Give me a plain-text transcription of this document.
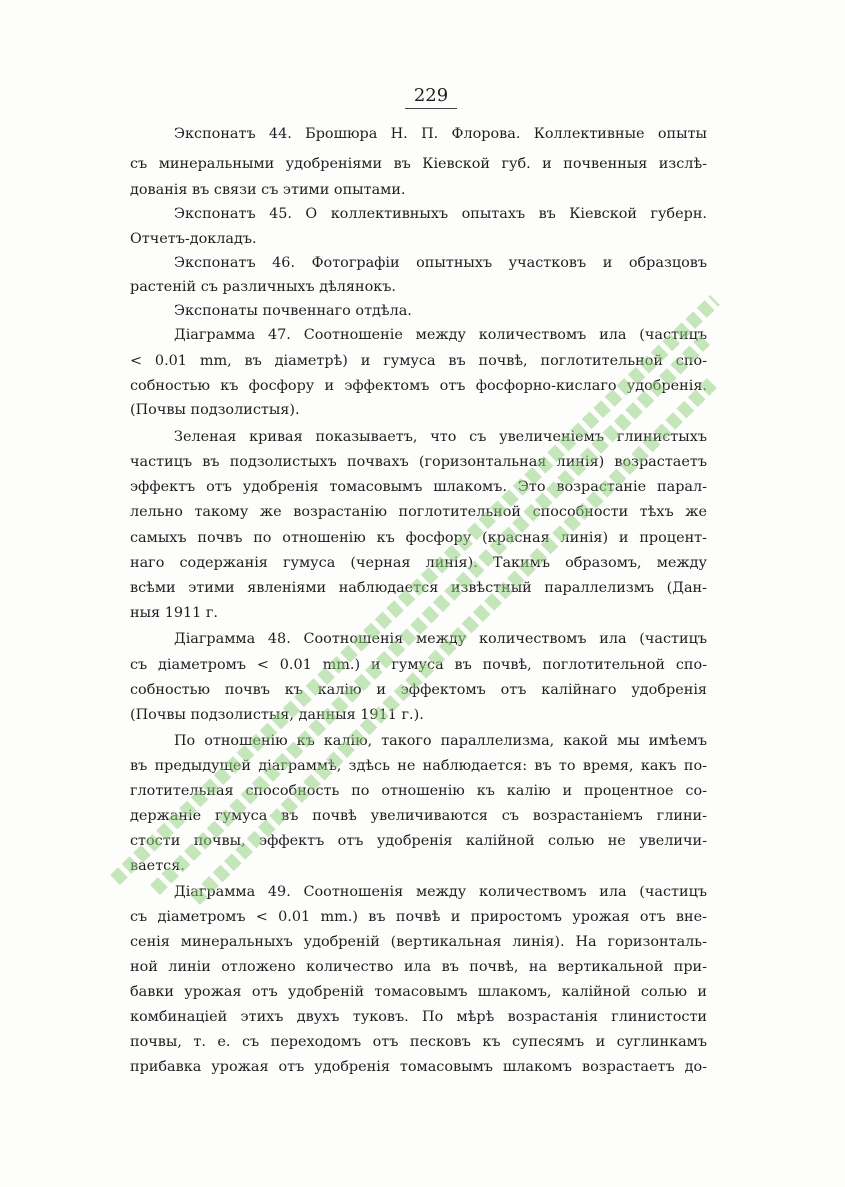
229
Экспонатъ 44. Брошюра Н. П. Флорова. Коллективные опыты
съ минеральными удобреніями въ Кіевской губ. и почвенныя изслѣ-
дованія въ связи съ этими опытами.
Экспонатъ 45. О коллективныхъ опытахъ въ Кіевской губерн.
Отчетъ-докладъ.
Экспонатъ 46. Фотографіи опытныхъ участковъ и образцовъ
растеній съ различныхъ дѣлянокъ.
Экспонаты почвеннаго отдѣла.
Діаграмма 47. Соотношеніе между количествомъ ила (частицъ
< 0.01 mm, въ діаметрѣ) и гумуса въ почвѣ, поглотительной спо-
собностью къ фосфору и эффектомъ отъ фосфорно-кислаго удобренія.
(Почвы подзолистыя).
Зеленая кривая показываетъ, что съ увеличеніемъ глинистыхъ
частицъ въ подзолистыхъ почвахъ (горизонтальная линія) возрастаетъ
эффектъ отъ удобренія томасовымъ шлакомъ. Это возрастаніе парал-
лельно такому же возрастанію поглотительной способности тѣхъ же
самыхъ почвъ по отношенію къ фосфору (красная линія) и процент-
наго содержанія гумуса (черная линія). Такимъ образомъ, между
всѣми этими явленіями наблюдается извѣстный параллелизмъ (Дан-
ныя 1911 г.
Діаграмма 48. Соотношенія между количествомъ ила (частицъ
съ діаметромъ < 0.01 mm.) и гумуса въ почвѣ, поглотительной спо-
собностью почвъ къ калію и эффектомъ отъ калійнаго удобренія
(Почвы подзолистыя, данныя 1911 г.).
По отношенію къ калію, такого параллелизма, какой мы имѣемъ
въ предыдущей діаграммѣ, здѣсь не наблюдается: въ то время, какъ по-
глотительная способность по отношенію къ калію и процентное со-
держаніе гумуса въ почвѣ увеличиваются съ возрастаніемъ глини-
стости почвы, эффектъ отъ удобренія калійной солью не увеличи-
вается.
Діаграмма 49. Соотношенія между количествомъ ила (частицъ
съ діаметромъ < 0.01 mm.) въ почвѣ и приростомъ урожая отъ вне-
сенія минеральныхъ удобреній (вертикальная линія). На горизонталь-
ной линіи отложено количество ила въ почвѣ, на вертикальной при-
бавки урожая отъ удобреній томасовымъ шлакомъ, калійной солью и
комбинаціей этихъ двухъ туковъ. По мѣрѣ возрастанія глинистости
почвы, т. е. съ переходомъ отъ песковъ къ супесямъ и суглинкамъ
прибавка урожая отъ удобренія томасовымъ шлакомъ возрастаетъ до-
